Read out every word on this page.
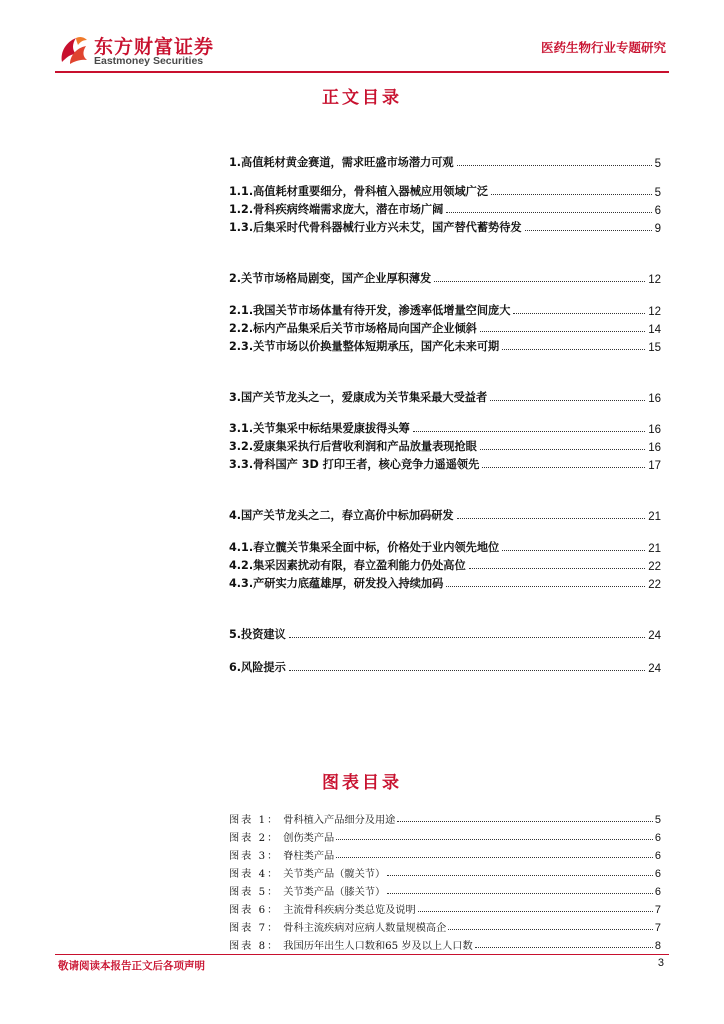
东方财富证券
Eastmoney Securities
医药生物行业专题研究
正文目录
1.高值耗材黄金赛道，需求旺盛市场潜力可观	5
1.1.高值耗材重要细分，骨科植入器械应用领域广泛	5
1.2.骨科疾病终端需求庞大，潜在市场广阔	6
1.3.后集采时代骨科器械行业方兴未艾，国产替代蓄势待发	9
2.关节市场格局剧变，国产企业厚积薄发	12
2.1.我国关节市场体量有待开发，渗透率低增量空间庞大	12
2.2.标内产品集采后关节市场格局向国产企业倾斜	14
2.3.关节市场以价换量整体短期承压，国产化未来可期	15
3.国产关节龙头之一，爱康成为关节集采最大受益者	16
3.1.关节集采中标结果爱康拔得头筹	16
3.2.爱康集采执行后营收利润和产品放量表现抢眼	16
3.3.骨科国产 3D 打印王者，核心竞争力遥遥领先	17
4.国产关节龙头之二，春立高价中标加码研发	21
4.1.春立髋关节集采全面中标，价格处于业内领先地位	21
4.2.集采因素扰动有限，春立盈利能力仍处高位	22
4.3.产研实力底蕴雄厚，研发投入持续加码	22
5.投资建议	24
6.风险提示	24
图表目录
图表 1： 骨科植入产品细分及用途	5
图表 2： 创伤类产品	6
图表 3： 脊柱类产品	6
图表 4： 关节类产品（髋关节）	6
图表 5： 关节类产品（膝关节）	6
图表 6： 主流骨科疾病分类总览及说明	7
图表 7： 骨科主流疾病对应病人数量规模高企	7
图表 8： 我国历年出生人口数和65 岁及以上人口数	8
敬请阅读本报告正文后各项声明	3
